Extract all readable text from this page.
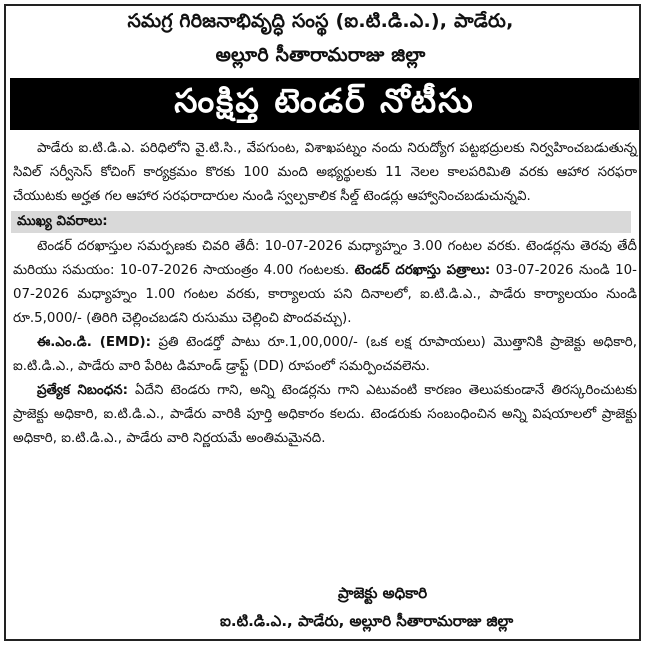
సమగ్ర గిరిజనాభివృద్ధి సంస్థ (ఐ.టి.డి.ఎ.), పాడేరు,
అల్లూరి సీతారామరాజు జిల్లా
సంక్షిప్త టెండర్ నోటీసు

పాడేరు ఐ.టి.డి.ఎ. పరిధిలోని వై.టి.సి., వేపగుంట, విశాఖపట్నం నందు నిరుద్యోగ పట్టభద్రులకు నిర్వహించబడుతున్న సివిల్ సర్వీసెస్ కోచింగ్ కార్యక్రమం కొరకు 100 మంది అభ్యర్థులకు 11 నెలల కాలపరిమితి వరకు ఆహార సరఫరా చేయుటకు అర్హత గల ఆహార సరఫరాదారుల నుండి స్వల్పకాలిక సీల్డ్ టెండర్లు ఆహ్వానించబడుచున్నవి.

ముఖ్య వివరాలు:

టెండర్ దరఖాస్తుల సమర్పణకు చివరి తేదీ: 10-07-2026 మధ్యాహ్నం 3.00 గంటల వరకు. టెండర్లను తెరవు తేదీ మరియు సమయం: 10-07-2026 సాయంత్రం 4.00 గంటలకు. టెండర్ దరఖాస్తు పత్రాలు: 03-07-2026 నుండి 10-07-2026 మధ్యాహ్నం 1.00 గంటల వరకు, కార్యాలయ పని దినాలలో, ఐ.టి.డి.ఎ., పాడేరు కార్యాలయం నుండి రూ.5,000/- (తిరిగి చెల్లించబడని రుసుము చెల్లించి పొందవచ్చు).

ఈ.ఎం.డి. (EMD): ప్రతి టెండర్తో పాటు రూ.1,00,000/- (ఒక లక్ష రూపాయలు) మొత్తానికి ప్రాజెక్టు అధికారి, ఐ.టి.డి.ఎ., పాడేరు వారి పేరిట డిమాండ్ డ్రాఫ్ట్ (DD) రూపంలో సమర్పించవలెను.

ప్రత్యేక నిబంధన: ఏదేని టెండరు గాని, అన్ని టెండర్లను గాని ఎటువంటి కారణం తెలుపకుండానే తిరస్కరించుటకు ప్రాజెక్టు అధికారి, ఐ.టి.డి.ఎ., పాడేరు వారికి పూర్తి అధికారం కలదు. టెండరుకు సంబంధించిన అన్ని విషయాలలో ప్రాజెక్టు అధికారి, ఐ.టి.డి.ఎ., పాడేరు వారి నిర్ణయమే అంతిమమైనది.

ప్రాజెక్టు అధికారి
ఐ.టి.డి.ఎ., పాడేరు, అల్లూరి సీతారామరాజు జిల్లా
